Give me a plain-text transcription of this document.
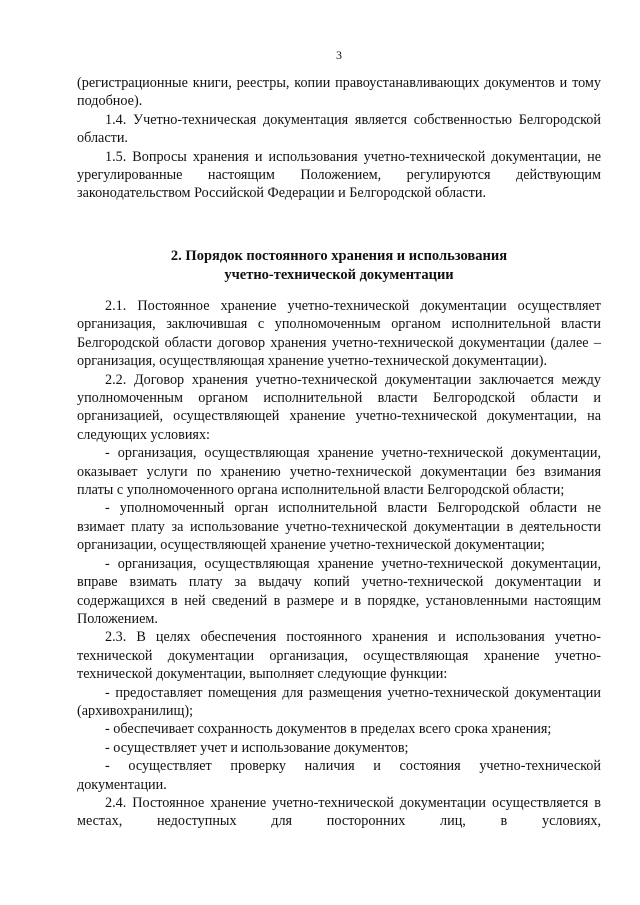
3

(регистрационные книги, реестры, копии правоустанавливающих документов и тому подобное).

1.4. Учетно-техническая документация является собственностью Белгородской области.

1.5. Вопросы хранения и использования учетно-технической документации, не урегулированные настоящим Положением, регулируются действующим законодательством Российской Федерации и Белгородской области.

2. Порядок постоянного хранения и использования
учетно-технической документации

2.1. Постоянное хранение учетно-технической документации осуществляет организация, заключившая с уполномоченным органом исполнительной власти Белгородской области договор хранения учетно-технической документации (далее – организация, осуществляющая хранение учетно-технической документации).

2.2. Договор хранения учетно-технической документации заключается между уполномоченным органом исполнительной власти Белгородской области и организацией, осуществляющей хранение учетно-технической документации, на следующих условиях:

- организация, осуществляющая хранение учетно-технической документации, оказывает услуги по хранению учетно-технической документации без взимания платы с уполномоченного органа исполнительной власти Белгородской области;

- уполномоченный орган исполнительной власти Белгородской области не взимает плату за использование учетно-технической документации в деятельности организации, осуществляющей хранение учетно-технической документации;

- организация, осуществляющая хранение учетно-технической документации, вправе взимать плату за выдачу копий учетно-технической документации и содержащихся в ней сведений в размере и в порядке, установленными настоящим Положением.

2.3. В целях обеспечения постоянного хранения и использования учетно-технической документации организация, осуществляющая хранение учетно-технической документации, выполняет следующие функции:

- предоставляет помещения для размещения учетно-технической документации (архивохранилищ);

- обеспечивает сохранность документов в пределах всего срока хранения;

- осуществляет учет и использование документов;

- осуществляет проверку наличия и состояния учетно-технической документации.

2.4. Постоянное хранение учетно-технической документации осуществляется в местах, недоступных для посторонних лиц, в условиях,
